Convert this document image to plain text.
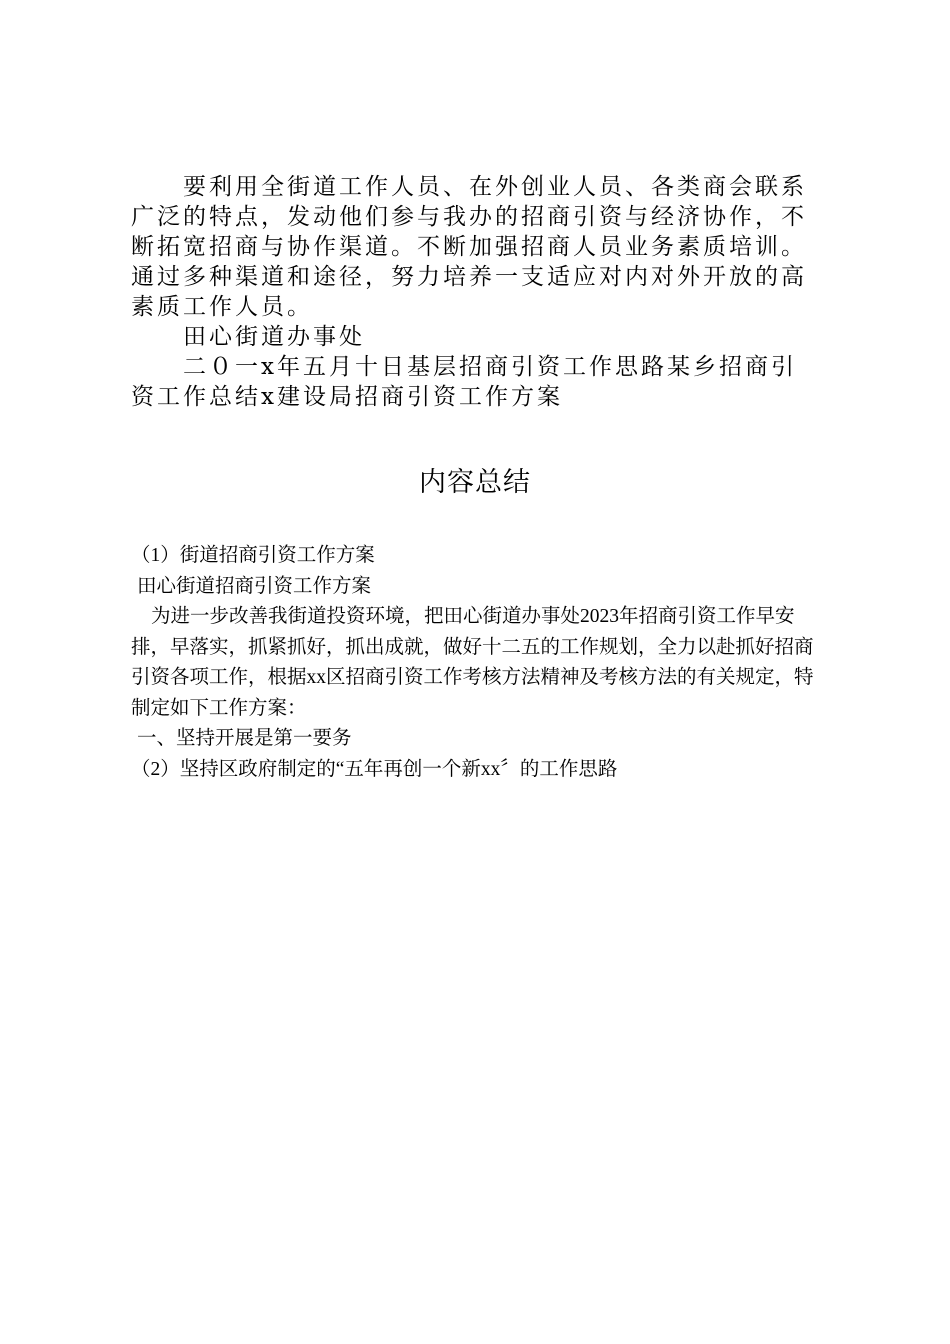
要利用全街道工作人员、在外创业人员、各类商会联系广泛的特点，发动他们参与我办的招商引资与经济协作，不断拓宽招商与协作渠道。不断加强招商人员业务素质培训。通过多种渠道和途径，努力培养一支适应对内对外开放的高素质工作人员。

田心街道办事处

二０一x年五月十日基层招商引资工作思路某乡招商引资工作总结x建设局招商引资工作方案

内容总结

（1）街道招商引资工作方案

田心街道招商引资工作方案

为进一步改善我街道投资环境，把田心街道办事处2023年招商引资工作早安排，早落实，抓紧抓好，抓出成就，做好十二五的工作规划，全力以赴抓好招商引资各项工作，根据xx区招商引资工作考核方法精神及考核方法的有关规定，特制定如下工作方案：

一、坚持开展是第一要务

（2）坚持区政府制定的“五年再创一个新xx〞的工作思路
